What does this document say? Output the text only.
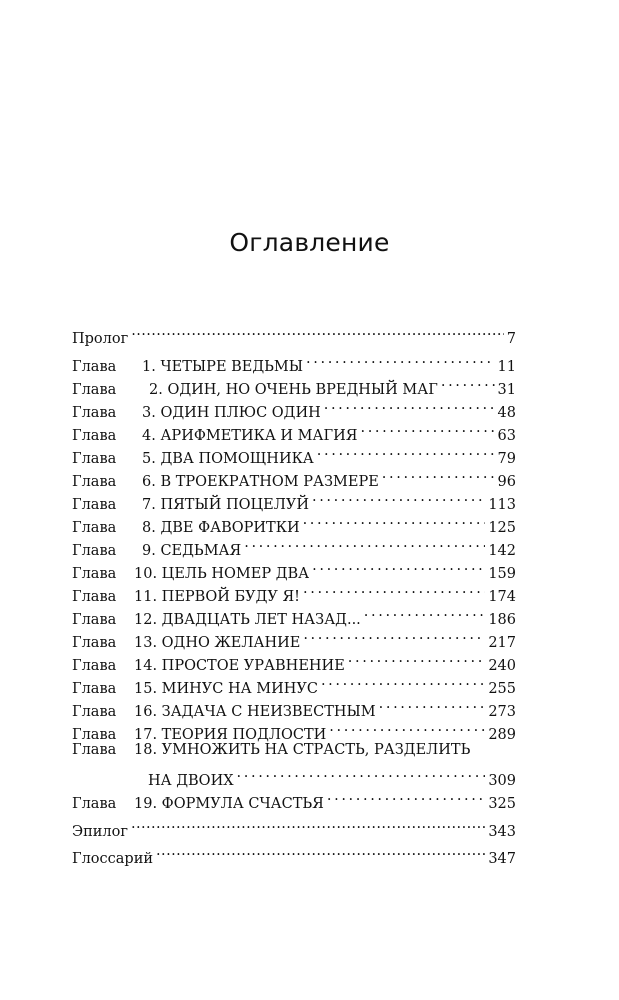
Оглавление
Пролог .....	7
Глава 1. ЧЕТЫРЕ ВЕДЬМЫ . . .	11
Глава 2. ОДИН, НО ОЧЕНЬ ВРЕДНЫЙ МАГ . . .	31
Глава 3. ОДИН ПЛЮС ОДИН . . .	48
Глава 4. АРИФМЕТИКА И МАГИЯ . . .	63
Глава 5. ДВА ПОМОЩНИКА . . .	79
Глава 6. В ТРОЕКРАТНОМ РАЗМЕРЕ . . .	96
Глава 7. ПЯТЫЙ ПОЦЕЛУЙ . . .	113
Глава 8. ДВЕ ФАВОРИТКИ . . .	125
Глава 9. СЕДЬМАЯ . . .	142
Глава 10. ЦЕЛЬ НОМЕР ДВА . . .	159
Глава 11. ПЕРВОЙ БУДУ Я! . . .	174
Глава 12. ДВАДЦАТЬ ЛЕТ НАЗАД... . . .	186
Глава 13. ОДНО ЖЕЛАНИЕ . . .	217
Глава 14. ПРОСТОЕ УРАВНЕНИЕ . . .	240
Глава 15. МИНУС НА МИНУС . . .	255
Глава 16. ЗАДАЧА С НЕИЗВЕСТНЫМ . . .	273
Глава 17. ТЕОРИЯ ПОДЛОСТИ . . .	289
Глава 18. УМНОЖИТЬ НА СТРАСТЬ, РАЗДЕЛИТЬ
НА ДВОИХ . . .	309
Глава 19. ФОРМУЛА СЧАСТЬЯ . . .	325
Эпилог .....	343
Глоссарий .....	347
